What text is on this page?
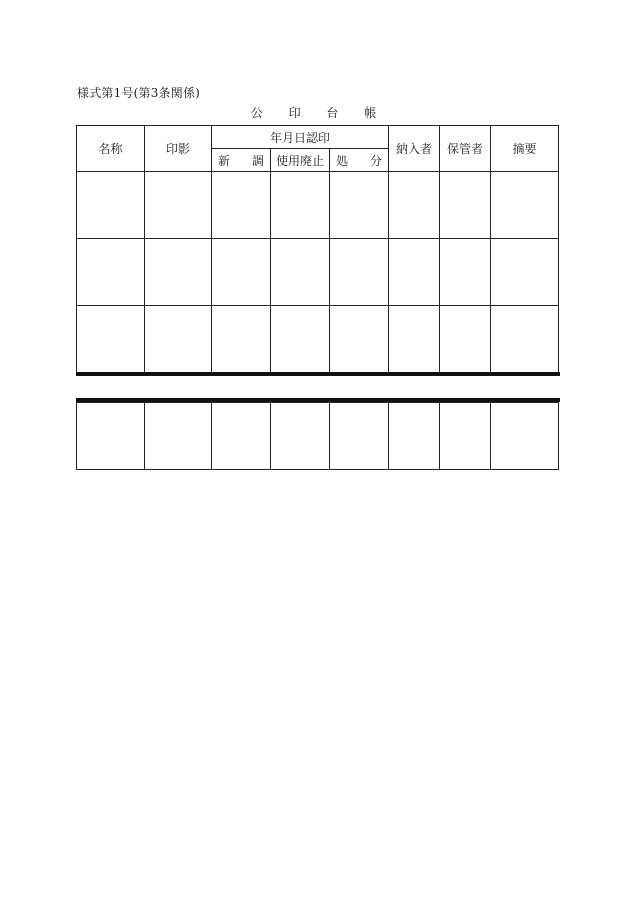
様式第1号(第3条関係)
公 印 台 帳
名称	印影	年月日認印			納入者	保管者	摘要

		新 調	使用廃止	処 分			
